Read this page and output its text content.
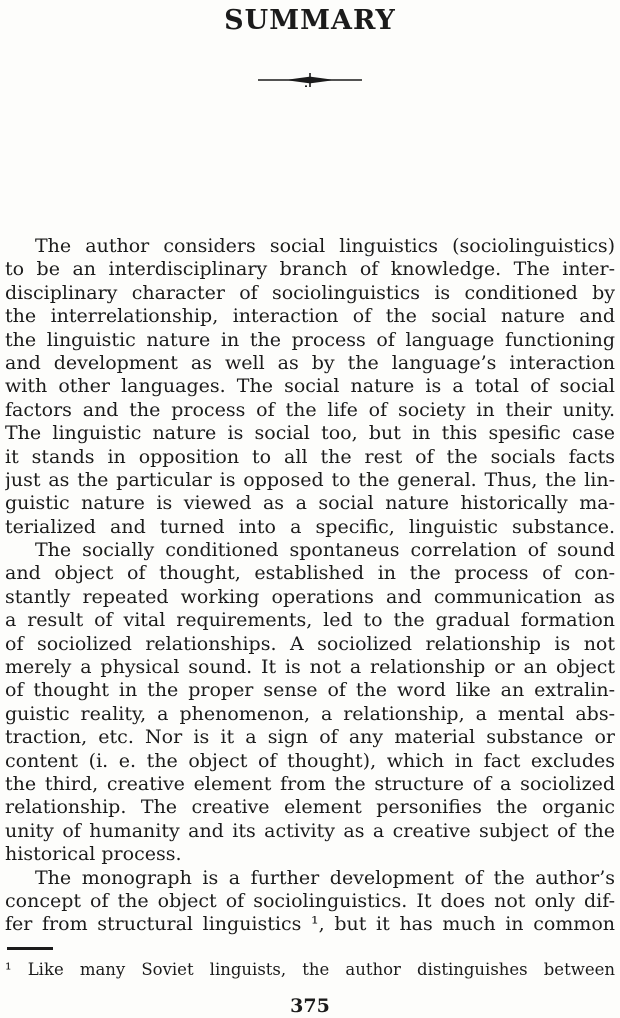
SUMMARY
The author considers social linguistics (sociolinguistics)
to be an interdisciplinary branch of knowledge. The inter-
disciplinary character of sociolinguistics is conditioned by
the interrelationship, interaction of the social nature and
the linguistic nature in the process of language functioning
and development as well as by the language’s interaction
with other languages. The social nature is a total of social
factors and the process of the life of society in their unity.
The linguistic nature is social too, but in this spesific case
it stands in opposition to all the rest of the socials facts
just as the particular is opposed to the general. Thus, the lin-
guistic nature is viewed as a social nature historically ma-
terialized and turned into a specific, linguistic substance.
The socially conditioned spontaneus correlation of sound
and object of thought, established in the process of con-
stantly repeated working operations and communication as
a result of vital requirements, led to the gradual formation
of sociolized relationships. A sociolized relationship is not
merely a physical sound. It is not a relationship or an object
of thought in the proper sense of the word like an extralin-
guistic reality, a phenomenon, a relationship, a mental abs-
traction, etc. Nor is it a sign of any material substance or
content (i. e. the object of thought), which in fact excludes
the third, creative element from the structure of a sociolized
relationship. The creative element personifies the organic
unity of humanity and its activity as a creative subject of the
historical process.
The monograph is a further development of the author’s
concept of the object of sociolinguistics. It does not only dif-
fer from structural linguistics ¹, but it has much in common
¹ Like many Soviet linguists, the author distinguishes between
375
